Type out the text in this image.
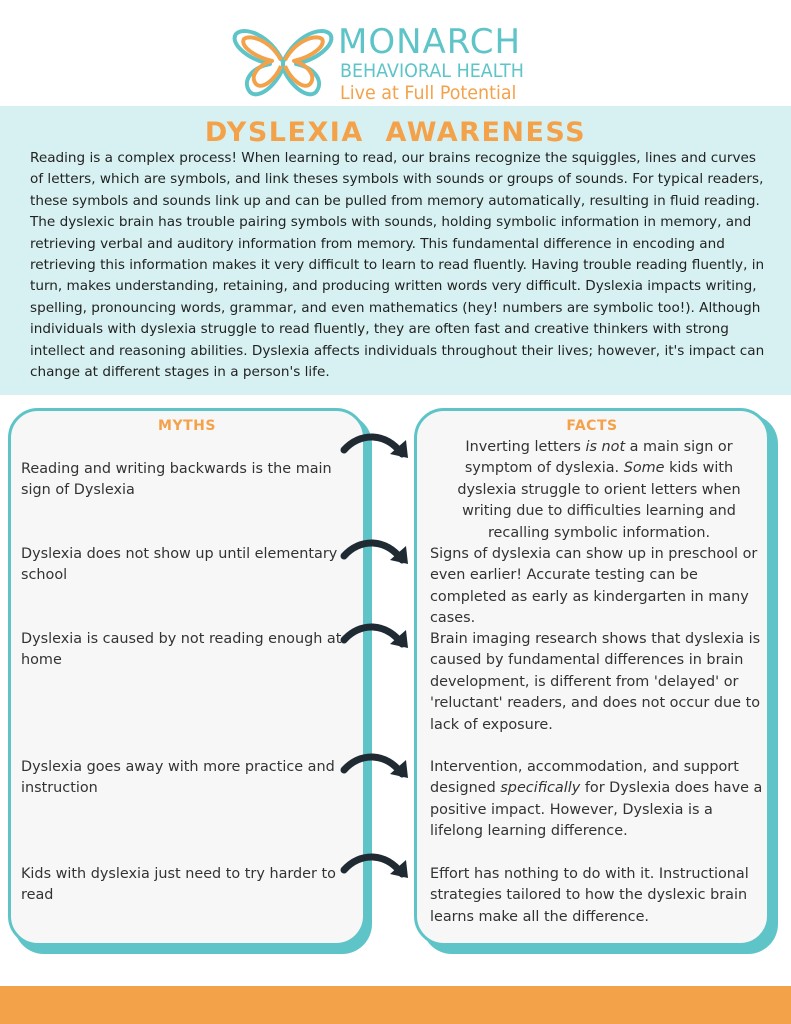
MONARCH
BEHAVIORAL HEALTH
Live at Full Potential
DYSLEXIA  AWARENESS

Reading is a complex process! When learning to read, our brains recognize the squiggles, lines and curves of letters, which are symbols, and link theses symbols with sounds or groups of sounds. For typical readers, these symbols and sounds link up and can be pulled from memory automatically, resulting in fluid reading. The dyslexic brain has trouble pairing symbols with sounds, holding symbolic information in memory, and retrieving verbal and auditory information from memory. This fundamental difference in encoding and retrieving this information makes it very difficult to learn to read fluently. Having trouble reading fluently, in turn, makes understanding, retaining, and producing written words very difficult. Dyslexia impacts writing, spelling, pronouncing words, grammar, and even mathematics (hey! numbers are symbolic too!). Although individuals with dyslexia struggle to read fluently, they are often fast and creative thinkers with strong intellect and reasoning abilities. Dyslexia affects individuals throughout their lives; however, it's impact can change at different stages in a person's life.

MYTHS	FACTS
Reading and writing backwards is the main sign of Dyslexia
Dyslexia does not show up until elementary school
Dyslexia is caused by not reading enough at home
Dyslexia goes away with more practice and instruction
Kids with dyslexia just need to try harder to read
Inverting letters is not a main sign or symptom of dyslexia. Some kids with dyslexia struggle to orient letters when writing due to difficulties learning and recalling symbolic information.
Signs of dyslexia can show up in preschool or even earlier! Accurate testing can be completed as early as kindergarten in many cases.
Brain imaging research shows that dyslexia is caused by fundamental differences in brain development, is different from 'delayed' or 'reluctant' readers, and does not occur due to lack of exposure.
Intervention, accommodation, and support designed specifically for Dyslexia does have a positive impact. However, Dyslexia is a lifelong learning difference.
Effort has nothing to do with it. Instructional strategies tailored to how the dyslexic brain learns make all the difference.
